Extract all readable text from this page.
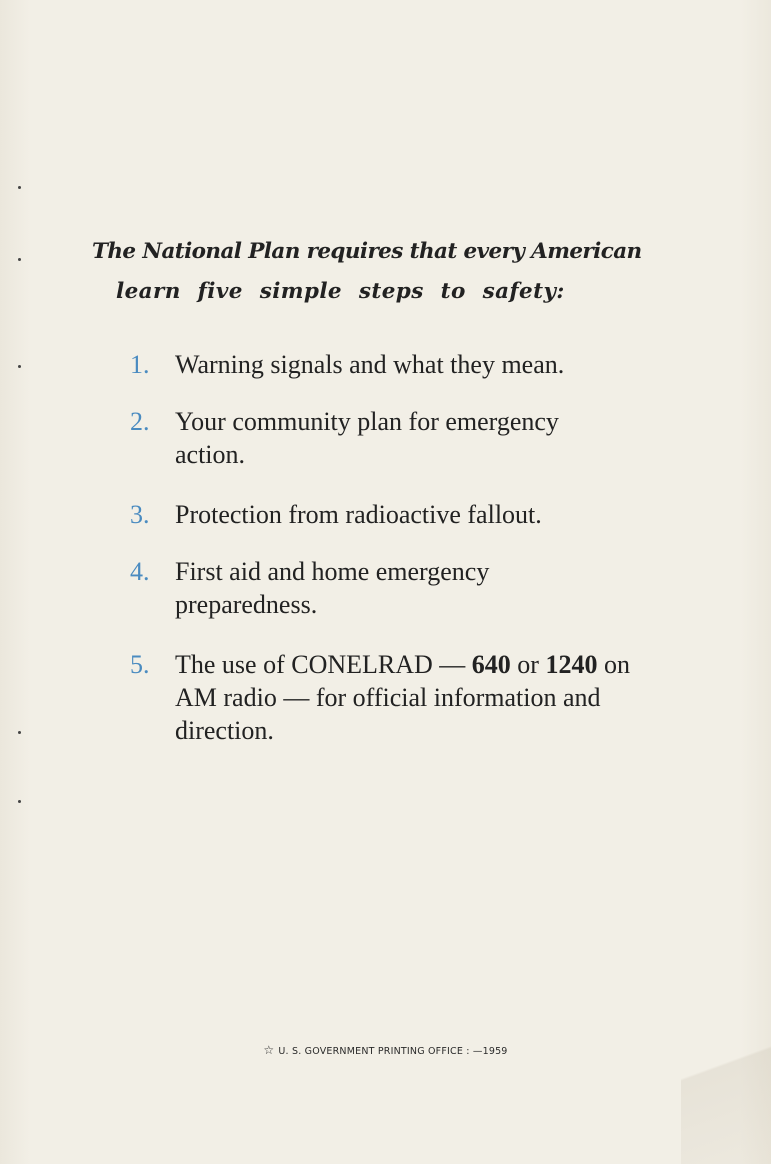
The National Plan requires that every American
learn five simple steps to safety:
1. Warning signals and what they mean.
2. Your community plan for emergency action.
3. Protection from radioactive fallout.
4. First aid and home emergency preparedness.
5. The use of CONELRAD — 640 or 1240 on AM radio — for official information and direction.
☆ U. S. GOVERNMENT PRINTING OFFICE : —1959
